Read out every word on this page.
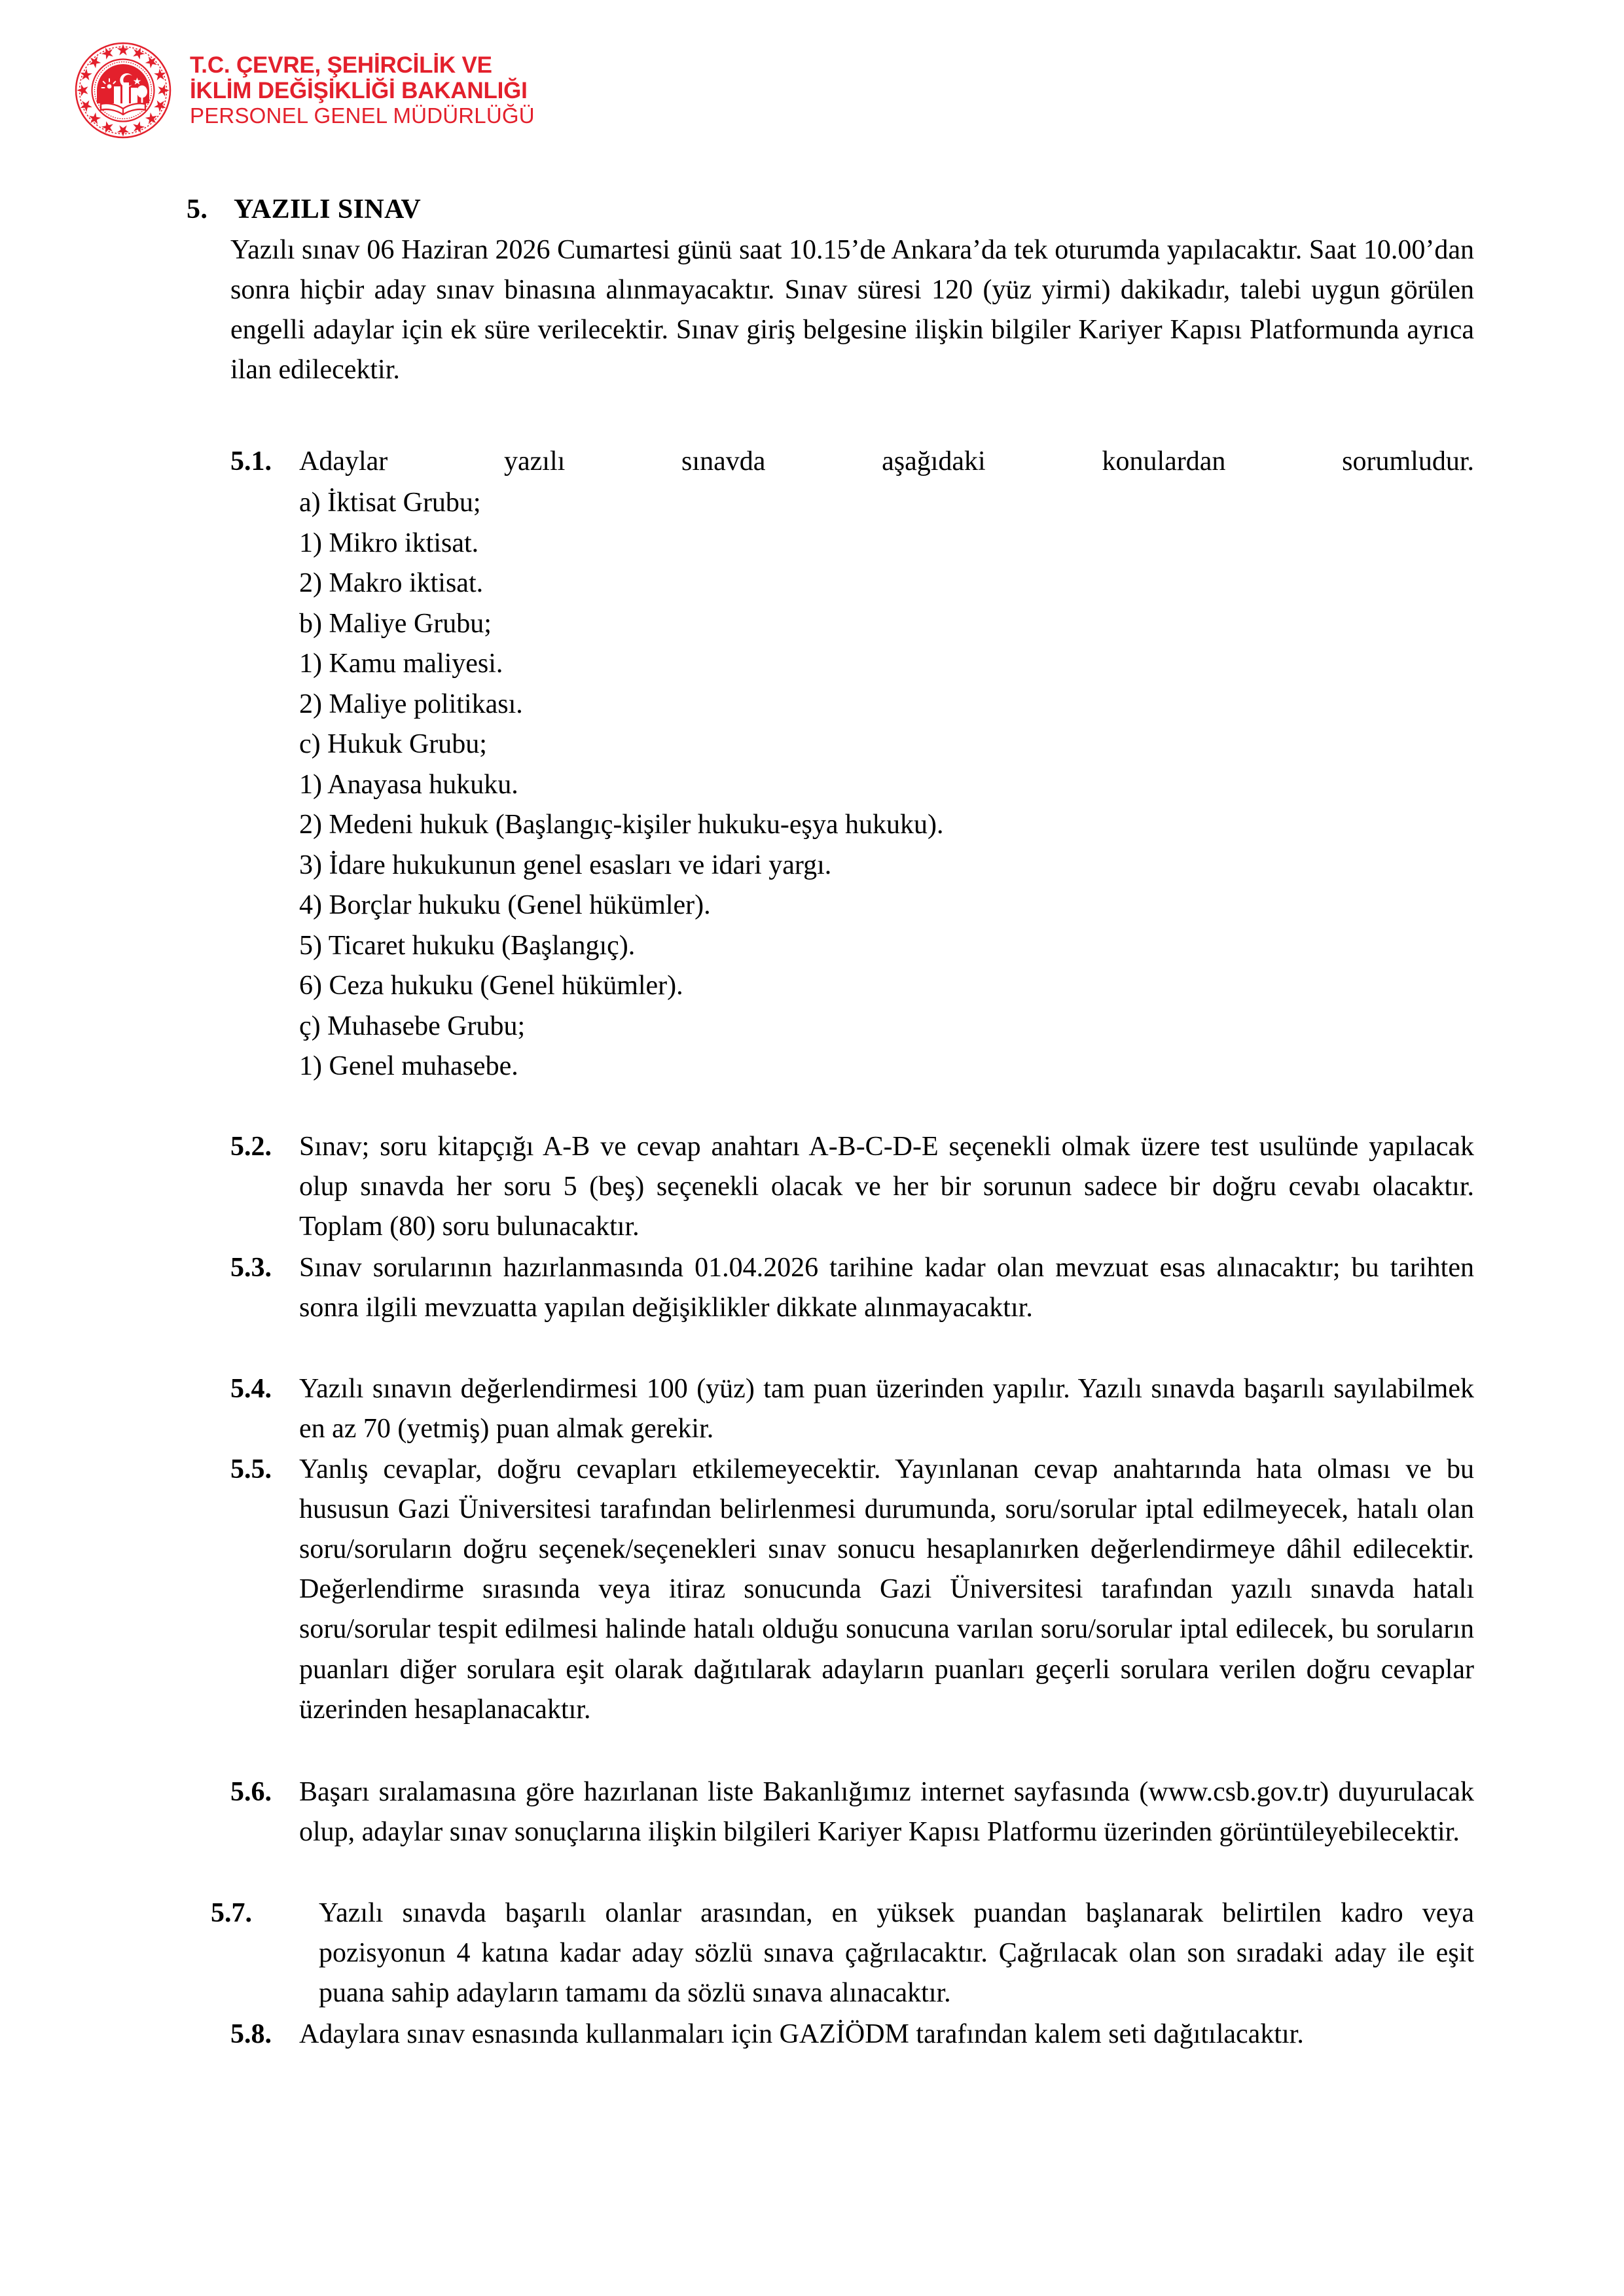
T.C. ÇEVRE, ŞEHİRCİLİK VE
İKLİM DEĞİŞİKLİĞİ BAKANLIĞI
PERSONEL GENEL MÜDÜRLÜĞÜ
5. YAZILI SINAV
Yazılı sınav 06 Haziran 2026 Cumartesi günü saat 10.15’de Ankara’da tek oturumda yapılacaktır. Saat 10.00’dan sonra hiçbir aday sınav binasına alınmayacaktır. Sınav süresi 120 (yüz yirmi) dakikadır, talebi uygun görülen engelli adaylar için ek süre verilecektir. Sınav giriş belgesine ilişkin bilgiler Kariyer Kapısı Platformunda ayrıca ilan edilecektir.
5.1.	Adaylar yazılı sınavda aşağıdaki konulardan sorumludur.
a) İktisat Grubu;
1) Mikro iktisat.
2) Makro iktisat.
b) Maliye Grubu;
1) Kamu maliyesi.
2) Maliye politikası.
c) Hukuk Grubu;
1) Anayasa hukuku.
2) Medeni hukuk (Başlangıç-kişiler hukuku-eşya hukuku).
3) İdare hukukunun genel esasları ve idari yargı.
4) Borçlar hukuku (Genel hükümler).
5) Ticaret hukuku (Başlangıç).
6) Ceza hukuku (Genel hükümler).
ç) Muhasebe Grubu;
1) Genel muhasebe.
5.2.	Sınav; soru kitapçığı A-B ve cevap anahtarı A-B-C-D-E seçenekli olmak üzere test usulünde yapılacak olup sınavda her soru 5 (beş) seçenekli olacak ve her bir sorunun sadece bir doğru cevabı olacaktır. Toplam (80) soru bulunacaktır.
5.3.	Sınav sorularının hazırlanmasında 01.04.2026 tarihine kadar olan mevzuat esas alınacaktır; bu tarihten sonra ilgili mevzuatta yapılan değişiklikler dikkate alınmayacaktır.
5.4.	Yazılı sınavın değerlendirmesi 100 (yüz) tam puan üzerinden yapılır. Yazılı sınavda başarılı sayılabilmek en az 70 (yetmiş) puan almak gerekir.
5.5.	Yanlış cevaplar, doğru cevapları etkilemeyecektir. Yayınlanan cevap anahtarında hata olması ve bu hususun Gazi Üniversitesi tarafından belirlenmesi durumunda, soru/sorular iptal edilmeyecek, hatalı olan soru/soruların doğru seçenek/seçenekleri sınav sonucu hesaplanırken değerlendirmeye dâhil edilecektir. Değerlendirme sırasında veya itiraz sonucunda Gazi Üniversitesi tarafından yazılı sınavda hatalı soru/sorular tespit edilmesi halinde hatalı olduğu sonucuna varılan soru/sorular iptal edilecek, bu soruların puanları diğer sorulara eşit olarak dağıtılarak adayların puanları geçerli sorulara verilen doğru cevaplar üzerinden hesaplanacaktır.
5.6.	Başarı sıralamasına göre hazırlanan liste Bakanlığımız internet sayfasında (www.csb.gov.tr) duyurulacak olup, adaylar sınav sonuçlarına ilişkin bilgileri Kariyer Kapısı Platformu üzerinden görüntüleyebilecektir.
5.7.	Yazılı sınavda başarılı olanlar arasından, en yüksek puandan başlanarak belirtilen kadro veya pozisyonun 4 katına kadar aday sözlü sınava çağrılacaktır. Çağrılacak olan son sıradaki aday ile eşit puana sahip adayların tamamı da sözlü sınava alınacaktır.
5.8.	Adaylara sınav esnasında kullanmaları için GAZİÖDM tarafından kalem seti dağıtılacaktır.
